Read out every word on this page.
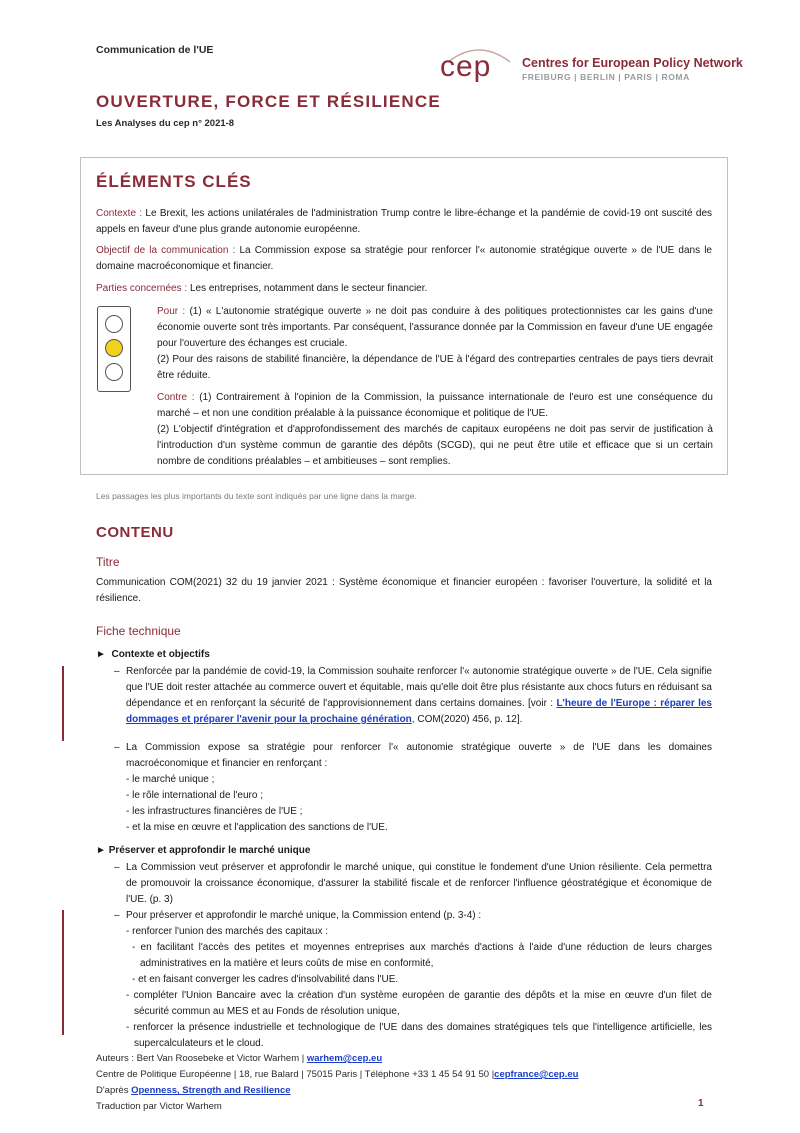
Communication de l'UE	cep Centres for European Policy Network
FREIBURG | BERLIN | PARIS | ROMA
OUVERTURE, FORCE ET RÉSILIENCE
Les Analyses du cep n° 2021-8
ÉLÉMENTS CLÉS
Contexte : Le Brexit, les actions unilatérales de l'administration Trump contre le libre-échange et la pandémie de covid-19 ont suscité des appels en faveur d'une plus grande autonomie européenne.
Objectif de la communication : La Commission expose sa stratégie pour renforcer l'« autonomie stratégique ouverte » de l'UE dans le domaine macroéconomique et financier.
Parties concernées : Les entreprises, notamment dans le secteur financier.
Pour : (1) « L'autonomie stratégique ouverte » ne doit pas conduire à des politiques protectionnistes car les gains d'une économie ouverte sont très importants. Par conséquent, l'assurance donnée par la Commission en faveur d'une UE engagée pour l'ouverture des échanges est cruciale.
(2) Pour des raisons de stabilité financière, la dépendance de l'UE à l'égard des contreparties centrales de pays tiers devrait être réduite.
Contre : (1) Contrairement à l'opinion de la Commission, la puissance internationale de l'euro est une conséquence du marché – et non une condition préalable à la puissance économique et politique de l'UE.
(2) L'objectif d'intégration et d'approfondissement des marchés de capitaux européens ne doit pas servir de justification à l'introduction d'un système commun de garantie des dépôts (SCGD), qui ne peut être utile et efficace que si un certain nombre de conditions préalables – et ambitieuses – sont remplies.
Les passages les plus importants du texte sont indiqués par une ligne dans la marge.
CONTENU
Titre
Communication COM(2021) 32 du 19 janvier 2021 : Système économique et financier européen : favoriser l'ouverture, la solidité et la résilience.
Fiche technique
►  Contexte et objectifs
– Renforcée par la pandémie de covid-19, la Commission souhaite renforcer l'« autonomie stratégique ouverte » de l'UE. Cela signifie que l'UE doit rester attachée au commerce ouvert et équitable, mais qu'elle doit être plus résistante aux chocs futurs en réduisant sa dépendance et en renforçant la sécurité de l'approvisionnement dans certains domaines. [voir : L'heure de l'Europe : réparer les dommages et préparer l'avenir pour la prochaine génération, COM(2020) 456, p. 12].
– La Commission expose sa stratégie pour renforcer l'« autonomie stratégique ouverte » de l'UE dans les domaines macroéconomique et financier en renforçant :
- le marché unique ;
- le rôle international de l'euro ;
- les infrastructures financières de l'UE ;
- et la mise en œuvre et l'application des sanctions de l'UE.
► Préserver et approfondir le marché unique
– La Commission veut préserver et approfondir le marché unique, qui constitue le fondement d'une Union résiliente. Cela permettra de promouvoir la croissance économique, d'assurer la stabilité fiscale et de renforcer l'influence géostratégique et économique de l'UE. (p. 3)
– Pour préserver et approfondir le marché unique, la Commission entend (p. 3-4) :
- renforcer l'union des marchés des capitaux :
- en facilitant l'accès des petites et moyennes entreprises aux marchés d'actions à l'aide d'une réduction de leurs charges administratives en la matière et leurs coûts de mise en conformité,
- et en faisant converger les cadres d'insolvabilité dans l'UE.
- compléter l'Union Bancaire avec la création d'un système européen de garantie des dépôts et la mise en œuvre d'un filet de sécurité commun au MES et au Fonds de résolution unique,
- renforcer la présence industrielle et technologique de l'UE dans des domaines stratégiques tels que l'intelligence artificielle, les supercalculateurs et le cloud.
Auteurs : Bert Van Roosebeke et Victor Warhem | warhem@cep.eu
Centre de Politique Européenne | 18, rue Balard | 75015 Paris | Téléphone +33 1 45 54 91 50 |cepfrance@cep.eu
D'après Openness, Strength and Resilience
Traduction par Victor Warhem	1
